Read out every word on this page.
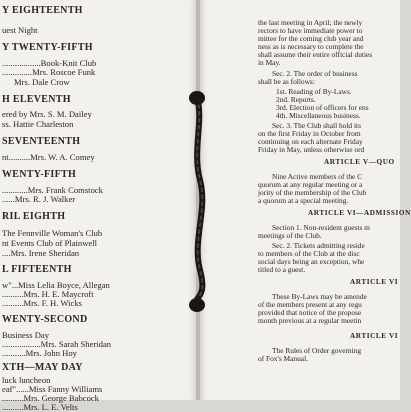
Y EIGHTEENTH
uest Night
Y TWENTY-FIFTH
..................Book-Knit Club
..............Mrs. Roscoe Funk
Mrs. Dale Crow
H ELEVENTH
ered by Mrs. S. M. Dailey
ss. Hattie Charleston
SEVENTEENTH
nt..........Mrs. W. A. Comey
WENTY-FIFTH
............Mrs. Frank Comstock
......Mrs. R. J. Walker
RIL EIGHTH
The Fennville Woman's Club
nt Events Club of Plainwell
....Mrs. Irene Sheridan
L FIFTEENTH
w"...Miss Lelia Boyce, Allegan
..........Mrs. H. E. Maycroft
..........Mrs. F. H. Wicks
WENTY-SECOND
Business Day
..................Mrs. Sarah Sheridan
...........Mrs. John Hoy
XTH—MAY DAY
luck luncheon
eaf"......Miss Fanny Williams
..........Mrs. George Babcock
..........Mrs. L. E. Velts
the last meeting in April; the newly
rectors to have immediate power to
mittee for the coming club year and
ness as is necessary to complete the
shall assume their entire official duties
in May.
Sec. 2. The order of business
shall be as follows:
1st. Reading of By-Laws.
2nd. Reports.
3rd. Election of officers for ens
4th. Miscellaneous business.
Sec. 3. The Club shall hold its
on the first Friday in October from
continuing on each alternate Friday
Friday in May, unless otherwise ord
ARTICLE V—QUO
Nine Active members of the C
quorum at any regular meeting or a
jority of the membership of the Club
a quorum at a special meeting.
ARTICLE VI—ADMISSION
Section 1. Non-resident guests m
meetings of the Club.
Sec. 2. Tickets admitting reside
to members of the Club at the disc
social days being an exception, whe
titled to a guest.
ARTICLE VI
These By-Laws may be amende
of the members present at any regu
provided that notice of the propose
month previous at a regular meetin
ARTICLE VI
The Rules of Order governing
of Fox's Manual.
